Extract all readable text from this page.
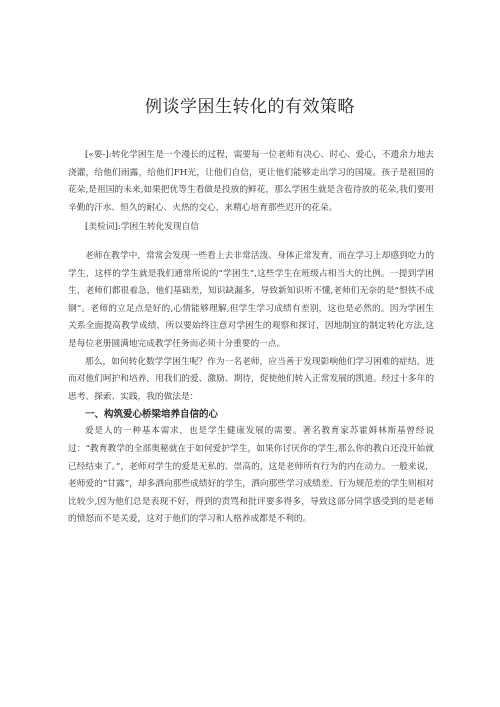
例谈学困生转化的有效策略

[«要-]:转化学困生是一个漫长的过程，需要每一位老师有决心、时心、爱心，不遗余力地去浇灌，给他们雨露，给他们FH光，让他们自信，更让他们能够走出学习的国境。孩子是祖国的花朵,是祖国的未来,如果把优等生看做是投放的鲜花，那么学困生就是含苞待放的花朵,我们要用辛勤的汗水、恒久的耐心、火热的交心，来精心培育那些迟开的花朵。

[美检词]:学困生转化发现自信

老师在教学中，常常会发现一些看上去非常活泼、身体正常发育，而在学习上却感到吃力的学生，这样的学生就是我们通常所说的“学困生”,这些学生在班级占相当大的比例。一提到学困生，老师们都很着急，他们基础差，知识缺漏多，导致新知识听不懂,老师们无奈的是“恨铁不成钢”。老师的立足点是好的,心情能够理解,但学生学习成绩有差别，这也是必然的。因为学困生关系全面提高教学成绩，所以要始终注意对学困生的观察和探讨，因地制宜的制定转化方法,这是每位老册圆满地完成教学任务而必须十分重要的一点。

那么，如何转化数学学困生呢？作为一名老师，应当善于发现影响他们学习困难的症结，进而对他们呵护和培养，用我们的爱、激励、期待，促使他们转入正常发展的凯道。经过十多年的思考、探索、实践，我的做法是：

一、构筑爱心桥梁培养自信的心

爱是人的一种基本需求，也是学生健康发展的需要。著名教育家苏霍姆林斯基曾经说过：“教育教学的全部奥秘就在于如何爱护学生，如果你讨厌你的学生,那么你的教白还没开始就已经结束了。”，老师对学生的爱是无私的、崇高的，这是老师所有行为的内在动力。一般来说，老师爱的“甘露”，却多洒向那些成绩好的学生，洒向那些学习成绩差、行为规范差的学生则相对比较少,因为他们总是表现不好，得到的责骂和批评要多得多，导致这部分同学感受到的是老师的愤怒而不是关爱，这对于他们的学习和人格养成都是不利的。
